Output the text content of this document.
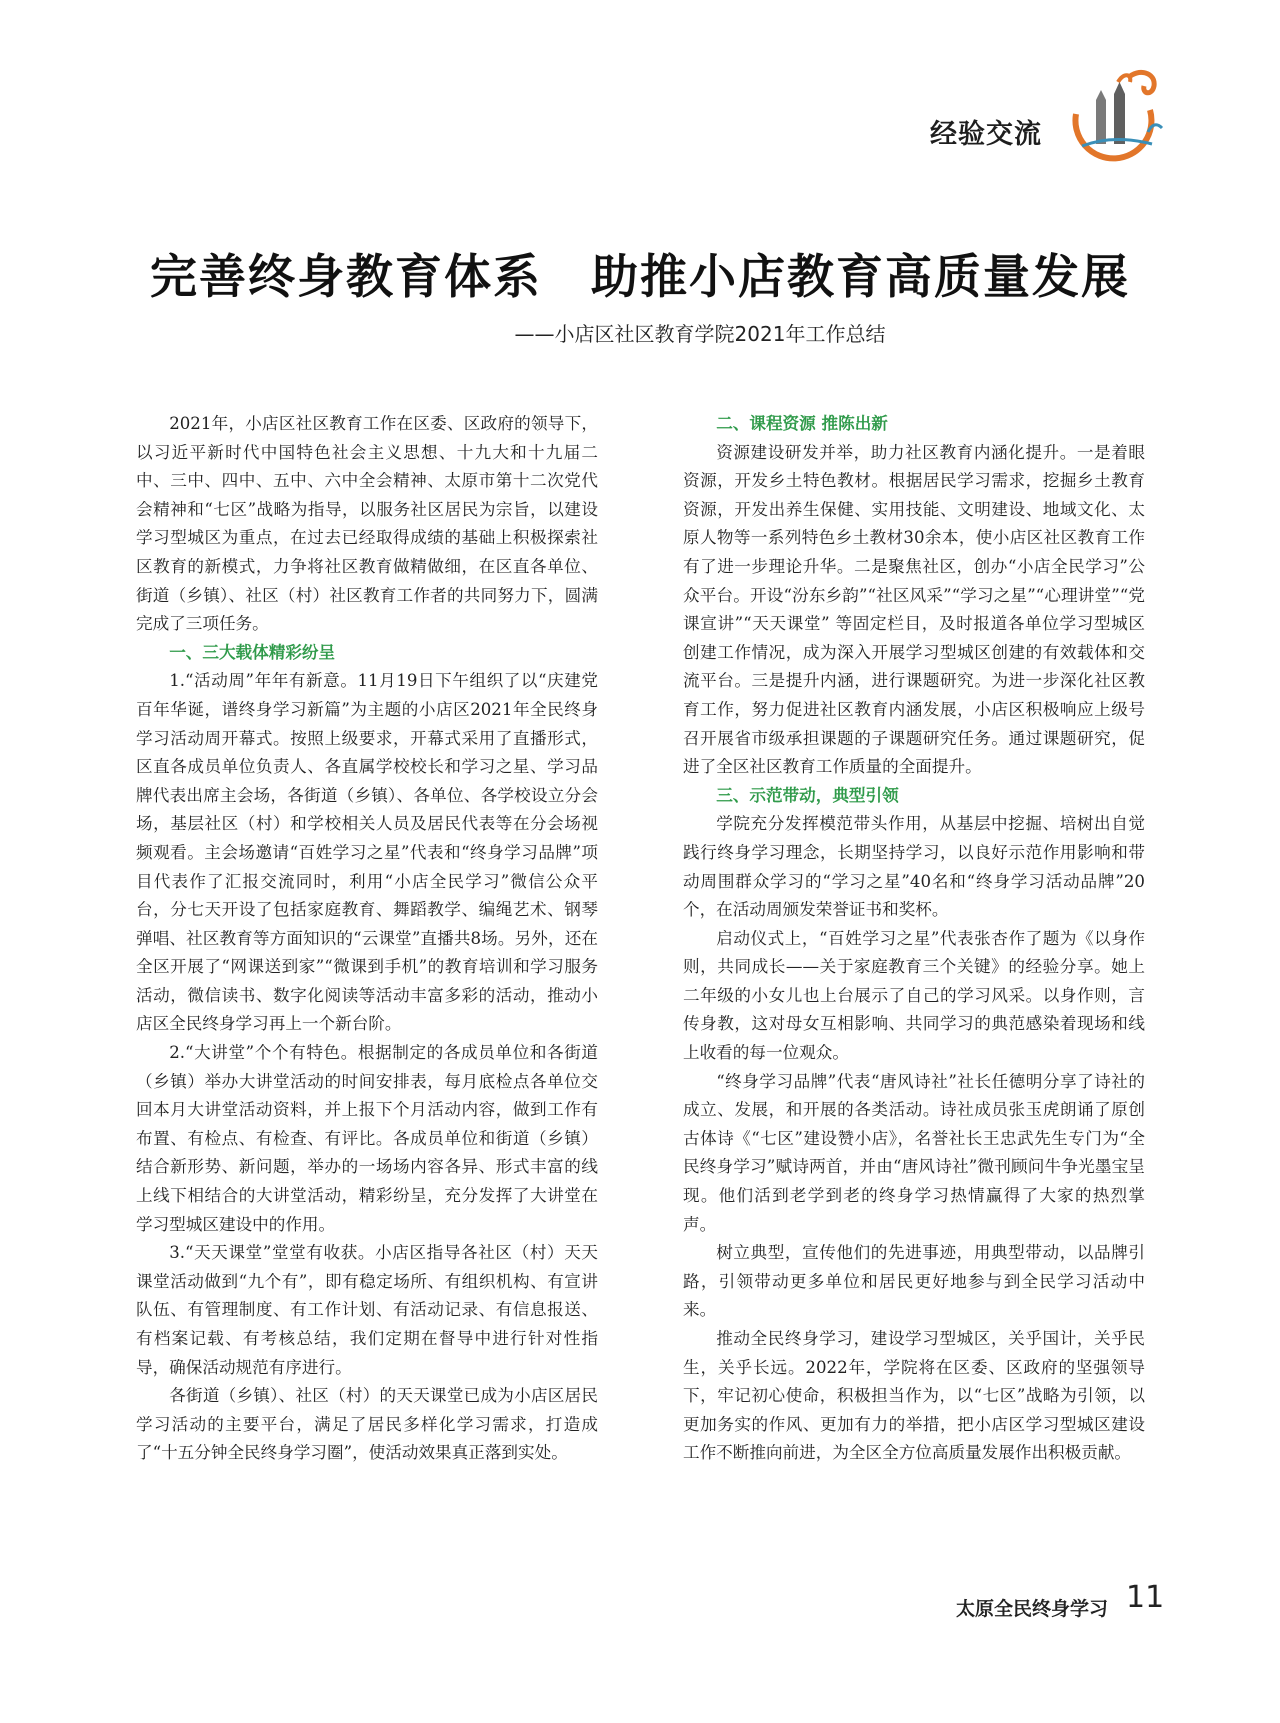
经验交流
完善终身教育体系　助推小店教育高质量发展
——小店区社区教育学院2021年工作总结

2021年，小店区社区教育工作在区委、区政府的领导下，以习近平新时代中国特色社会主义思想、十九大和十九届二中、三中、四中、五中、六中全会精神、太原市第十二次党代会精神和“七区”战略为指导，以服务社区居民为宗旨，以建设学习型城区为重点，在过去已经取得成绩的基础上积极探索社区教育的新模式，力争将社区教育做精做细，在区直各单位、街道（乡镇）、社区（村）社区教育工作者的共同努力下，圆满完成了三项任务。

一、三大载体精彩纷呈

1.“活动周”年年有新意。11月19日下午组织了以“庆建党百年华诞，谱终身学习新篇”为主题的小店区2021年全民终身学习活动周开幕式。按照上级要求，开幕式采用了直播形式，区直各成员单位负责人、各直属学校校长和学习之星、学习品牌代表出席主会场，各街道（乡镇）、各单位、各学校设立分会场，基层社区（村）和学校相关人员及居民代表等在分会场视频观看。主会场邀请“百姓学习之星”代表和“终身学习品牌”项目代表作了汇报交流同时，利用“小店全民学习”微信公众平台，分七天开设了包括家庭教育、舞蹈教学、编绳艺术、钢琴弹唱、社区教育等方面知识的“云课堂”直播共8场。另外，还在全区开展了“网课送到家”“微课到手机”的教育培训和学习服务活动，微信读书、数字化阅读等活动丰富多彩的活动，推动小店区全民终身学习再上一个新台阶。

2.“大讲堂”个个有特色。根据制定的各成员单位和各街道（乡镇）举办大讲堂活动的时间安排表，每月底检点各单位交回本月大讲堂活动资料，并上报下个月活动内容，做到工作有布置、有检点、有检查、有评比。各成员单位和街道（乡镇）结合新形势、新问题，举办的一场场内容各异、形式丰富的线上线下相结合的大讲堂活动，精彩纷呈，充分发挥了大讲堂在学习型城区建设中的作用。

3.“天天课堂”堂堂有收获。小店区指导各社区（村）天天课堂活动做到“九个有”，即有稳定场所、有组织机构、有宣讲队伍、有管理制度、有工作计划、有活动记录、有信息报送、有档案记载、有考核总结，我们定期在督导中进行针对性指导，确保活动规范有序进行。

各街道（乡镇）、社区（村）的天天课堂已成为小店区居民学习活动的主要平台，满足了居民多样化学习需求，打造成了“十五分钟全民终身学习圈”，使活动效果真正落到实处。

二、课程资源 推陈出新

资源建设研发并举，助力社区教育内涵化提升。一是着眼资源，开发乡土特色教材。根据居民学习需求，挖掘乡土教育资源，开发出养生保健、实用技能、文明建设、地域文化、太原人物等一系列特色乡土教材30余本，使小店区社区教育工作有了进一步理论升华。二是聚焦社区，创办“小店全民学习”公众平台。开设“汾东乡韵”“社区风采”“学习之星”“心理讲堂”“党课宣讲”“天天课堂” 等固定栏目，及时报道各单位学习型城区创建工作情况，成为深入开展学习型城区创建的有效载体和交流平台。三是提升内涵，进行课题研究。为进一步深化社区教育工作，努力促进社区教育内涵发展，小店区积极响应上级号召开展省市级承担课题的子课题研究任务。通过课题研究，促进了全区社区教育工作质量的全面提升。

三、示范带动，典型引领

学院充分发挥模范带头作用，从基层中挖掘、培树出自觉践行终身学习理念，长期坚持学习，以良好示范作用影响和带动周围群众学习的“学习之星”40名和“终身学习活动品牌”20个，在活动周颁发荣誉证书和奖杯。

启动仪式上，“百姓学习之星”代表张杏作了题为《以身作则，共同成长——关于家庭教育三个关键》的经验分享。她上二年级的小女儿也上台展示了自己的学习风采。以身作则，言传身教，这对母女互相影响、共同学习的典范感染着现场和线上收看的每一位观众。

“终身学习品牌”代表“唐风诗社”社长任德明分享了诗社的成立、发展，和开展的各类活动。诗社成员张玉虎朗诵了原创古体诗《“七区”建设赞小店》，名誉社长王忠武先生专门为“全民终身学习”赋诗两首，并由“唐风诗社”微刊顾问牛争光墨宝呈现。他们活到老学到老的终身学习热情赢得了大家的热烈掌声。

树立典型，宣传他们的先进事迹，用典型带动，以品牌引路，引领带动更多单位和居民更好地参与到全民学习活动中来。

推动全民终身学习，建设学习型城区，关乎国计，关乎民生，关乎长远。2022年，学院将在区委、区政府的坚强领导下，牢记初心使命，积极担当作为，以“七区”战略为引领，以更加务实的作风、更加有力的举措，把小店区学习型城区建设工作不断推向前进，为全区全方位高质量发展作出积极贡献。

太原全民终身学习 11
